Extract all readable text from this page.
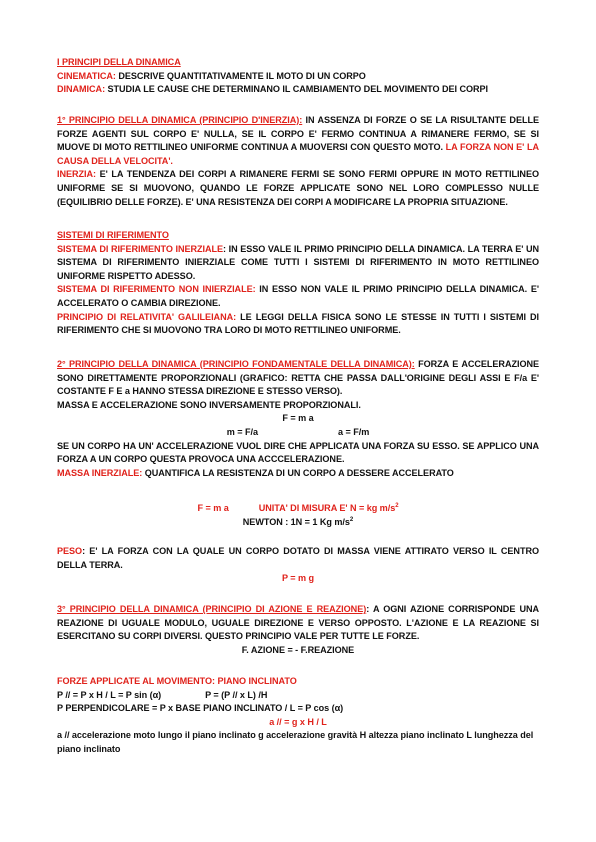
I PRINCIPI DELLA DINAMICA
CINEMATICA: DESCRIVE QUANTITATIVAMENTE IL MOTO DI UN CORPO
DINAMICA: STUDIA LE CAUSE CHE DETERMINANO IL CAMBIAMENTO DEL MOVIMENTO DEI CORPI
1° PRINCIPIO DELLA DINAMICA (PRINCIPIO D'INERZIA): IN ASSENZA DI FORZE O SE LA RISULTANTE DELLE FORZE AGENTI SUL CORPO E' NULLA, SE IL CORPO E' FERMO CONTINUA A RIMANERE FERMO, SE SI MUOVE DI MOTO RETTILINEO UNIFORME CONTINUA A MUOVERSI CON QUESTO MOTO. LA FORZA NON E' LA CAUSA DELLA VELOCITA'.
INERZIA: E' LA TENDENZA DEI CORPI A RIMANERE FERMI SE SONO FERMI OPPURE IN MOTO RETTILINEO UNIFORME SE SI MUOVONO, QUANDO LE FORZE APPLICATE SONO NEL LORO COMPLESSO NULLE (EQUILIBRIO DELLE FORZE). E' UNA RESISTENZA DEI CORPI A MODIFICARE LA PROPRIA SITUAZIONE.
SISTEMI DI RIFERIMENTO
SISTEMA DI RIFERIMENTO INERZIALE: IN ESSO VALE IL PRIMO PRINCIPIO DELLA DINAMICA. LA TERRA E' UN SISTEMA DI RIFERIMENTO INIERZIALE COME TUTTI I SISTEMI DI RIFERIMENTO IN MOTO RETTILINEO UNIFORME RISPETTO ADESSO.
SISTEMA DI RIFERIMENTO NON INIERZIALE: IN ESSO NON VALE IL PRIMO PRINCIPIO DELLA DINAMICA. E' ACCELERATO O CAMBIA DIREZIONE.
PRINCIPIO DI RELATIVITA' GALILEIANA: LE LEGGI DELLA FISICA SONO LE STESSE IN TUTTI I SISTEMI DI RIFERIMENTO CHE SI MUOVONO TRA LORO DI MOTO RETTILINEO UNIFORME.
2° PRINCIPIO DELLA DINAMICA (PRINCIPIO FONDAMENTALE DELLA DINAMICA): FORZA E ACCELERAZIONE SONO DIRETTAMENTE PROPORZIONALI (GRAFICO: RETTA CHE PASSA DALL'ORIGINE DEGLI ASSI E F/a E' COSTANTE F E a HANNO STESSA DIREZIONE E STESSO VERSO).
MASSA E ACCELERAZIONE SONO INVERSAMENTE PROPORZIONALI.
F = m a
m = F/a	a = F/m
SE UN CORPO HA UN' ACCELERAZIONE VUOL DIRE CHE APPLICATA UNA FORZA SU ESSO. SE APPLICO UNA FORZA A UN CORPO QUESTA PROVOCA UNA ACCCELERAZIONE.
MASSA INERZIALE: QUANTIFICA LA RESISTENZA DI UN CORPO A DESSERE ACCELERATO
F = m a	UNITA' DI MISURA E' N = kg $m/s^2$
NEWTON : 1N = 1 Kg $m/s^2$
PESO: E' LA FORZA CON LA QUALE UN CORPO DOTATO DI MASSA VIENE ATTIRATO VERSO IL CENTRO DELLA TERRA.
P = m g
3° PRINCIPIO DELLA DINAMICA (PRINCIPIO DI AZIONE E REAZIONE): A OGNI AZIONE CORRISPONDE UNA REAZIONE DI UGUALE MODULO, UGUALE DIREZIONE E VERSO OPPOSTO. L'AZIONE E LA REAZIONE SI ESERCITANO SU CORPI DIVERSI. QUESTO PRINCIPIO VALE PER TUTTE LE FORZE.
F. AZIONE = - F.REAZIONE
FORZE APPLICATE AL MOVIMENTO: PIANO INCLINATO
P // = P x H / L = P sin (α)	P = (P // x L) /H
P PERPENDICOLARE = P x BASE PIANO INCLINATO / L = P cos (α)
a // = g x H / L
a // accelerazione moto lungo il piano inclinato g accelerazione gravità H altezza piano inclinato L lunghezza del piano inclinato
